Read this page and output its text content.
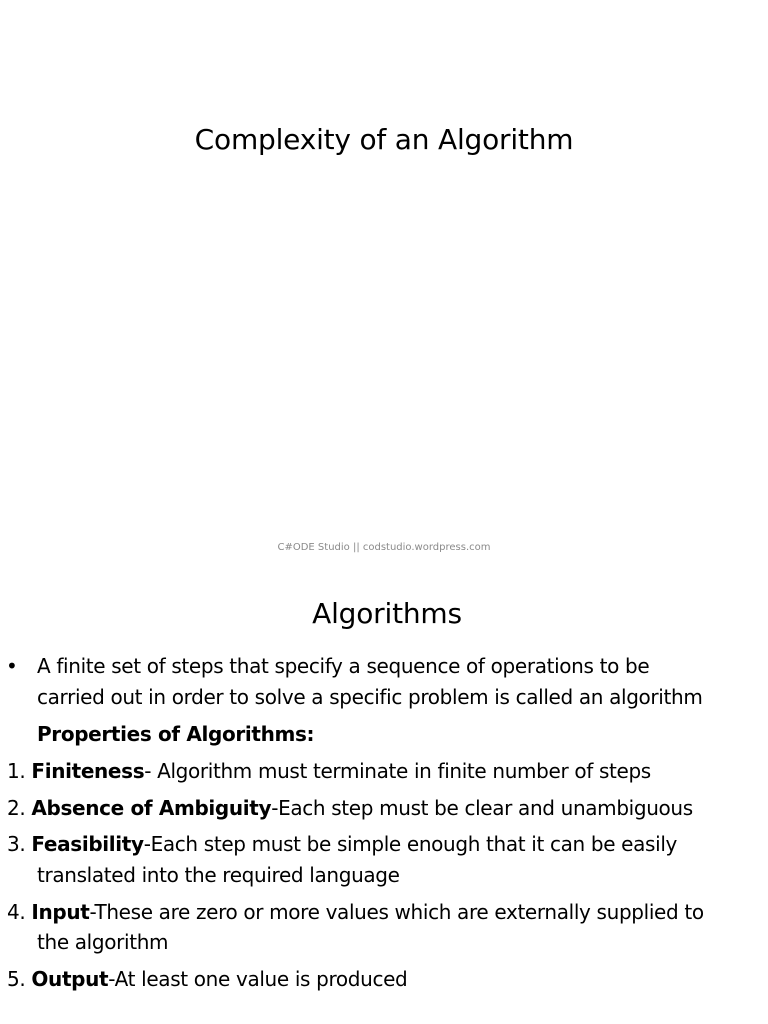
Complexity of an Algorithm
C#ODE Studio || codstudio.wordpress.com
Algorithms
• A finite set of steps that specify a sequence of operations to be
carried out in order to solve a specific problem is called an algorithm
Properties of Algorithms:
1. Finiteness- Algorithm must terminate in finite number of steps
2. Absence of Ambiguity-Each step must be clear and unambiguous
3. Feasibility-Each step must be simple enough that it can be easily
translated into the required language
4. Input-These are zero or more values which are externally supplied to
the algorithm
5. Output-At least one value is produced
